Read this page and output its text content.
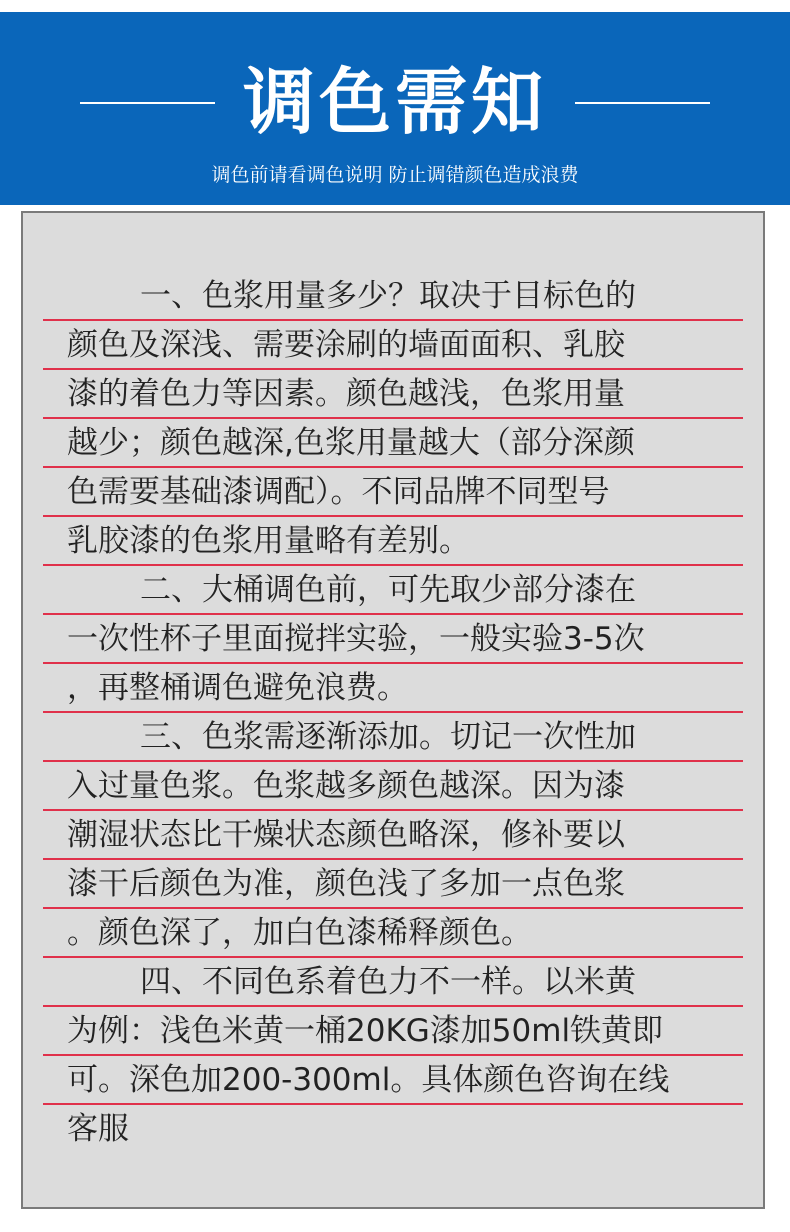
调色需知
调色前请看调色说明 防止调错颜色造成浪费
一、色浆用量多少？取决于目标色的
颜色及深浅、需要涂刷的墙面面积、乳胶
漆的着色力等因素。颜色越浅，色浆用量
越少；颜色越深,色浆用量越大（部分深颜
色需要基础漆调配）。不同品牌不同型号
乳胶漆的色浆用量略有差别。
二、大桶调色前，可先取少部分漆在
一次性杯子里面搅拌实验，一般实验3-5次
，再整桶调色避免浪费。
三、色浆需逐渐添加。切记一次性加
入过量色浆。色浆越多颜色越深。因为漆
潮湿状态比干燥状态颜色略深，修补要以
漆干后颜色为准，颜色浅了多加一点色浆
。颜色深了，加白色漆稀释颜色。
四、不同色系着色力不一样。以米黄
为例：浅色米黄一桶20KG漆加50ml铁黄即
可。深色加200-300ml。具体颜色咨询在线
客服
